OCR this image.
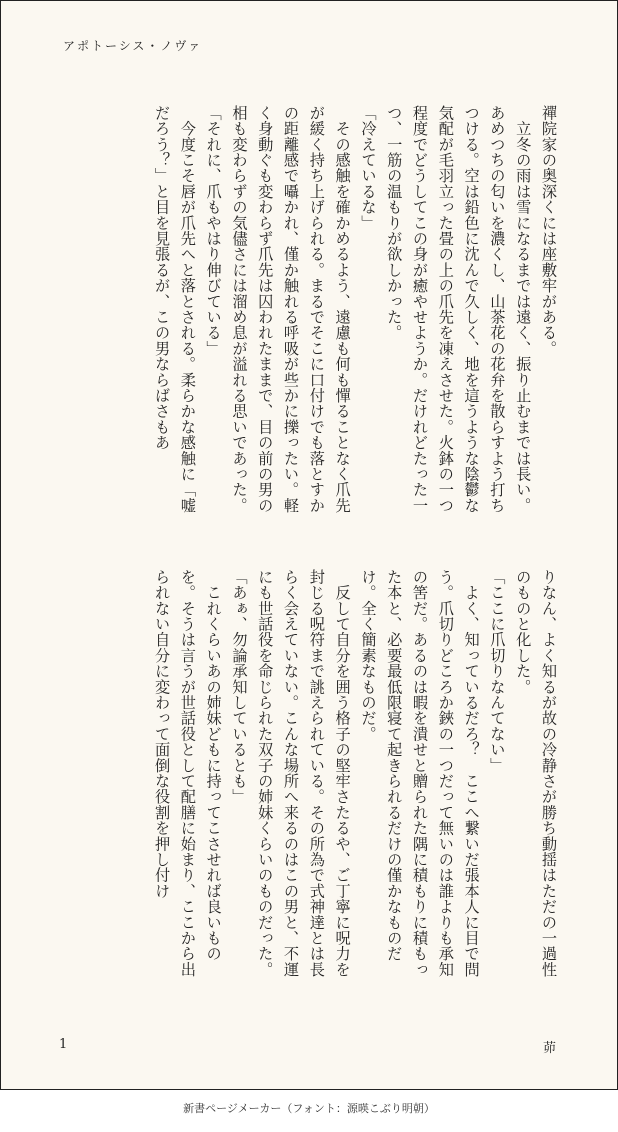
アポトーシス・ノヴァ

禪院家の奥深くには座敷牢がある。

　立冬の雨は雪になるまでは遠く、振り止むまでは長い。あめつちの匂いを濃くし、山茶花の花弁を散らすよう打ちつける。空は鉛色に沈んで久しく、地を這うような陰鬱な気配が毛羽立った畳の上の爪先を凍えさせた。火鉢の一つ程度でどうしてこの身が癒やせようか。だけれどたった一つ、一筋の温もりが欲しかった。

「冷えているな」

　その感触を確かめるよう、遠慮も何も憚ることなく爪先が緩く持ち上げられる。まるでそこに口付けでも落とすかの距離感で囁かれ、僅か触れる呼吸が些かに擽ったい。軽く身動ぐも変わらず爪先は囚われたままで、目の前の男の相も変わらずの気儘さには溜め息が溢れる思いであった。

「それに、爪もやはり伸びている」

　今度こそ唇が爪先へと落とされる。柔らかな感触に「嘘だろう？」と目を見張るが、この男ならばさもあ

りなん、よく知るが故の冷静さが勝ち動揺はただの一過性のものと化した。

「ここに爪切りなんてない」

　よく、知っているだろ？　ここへ繋いだ張本人に目で問う。爪切りどころか鋏の一つだって無いのは誰よりも承知の筈だ。あるのは暇を潰せと贈られた隅に積もりに積もった本と、必要最低限寝て起きられるだけの僅かなものだけ。全く簡素なものだ。

　反して自分を囲う格子の堅牢さたるや、ご丁寧に呪力を封じる呪符まで誂えられている。その所為で式神達とは長らく会えていない。こんな場所へ来るのはこの男と、不運にも世話役を命じられた双子の姉妹くらいのものだった。

「あぁ、勿論承知しているとも」

　これくらいあの姉妹どもに持ってこさせれば良いものを。そうは言うが世話役として配膳に始まり、ここから出られない自分に変わって面倒な役割を押し付け

1	茆
新書ページメーカー（フォント：源暎こぶり明朝）
